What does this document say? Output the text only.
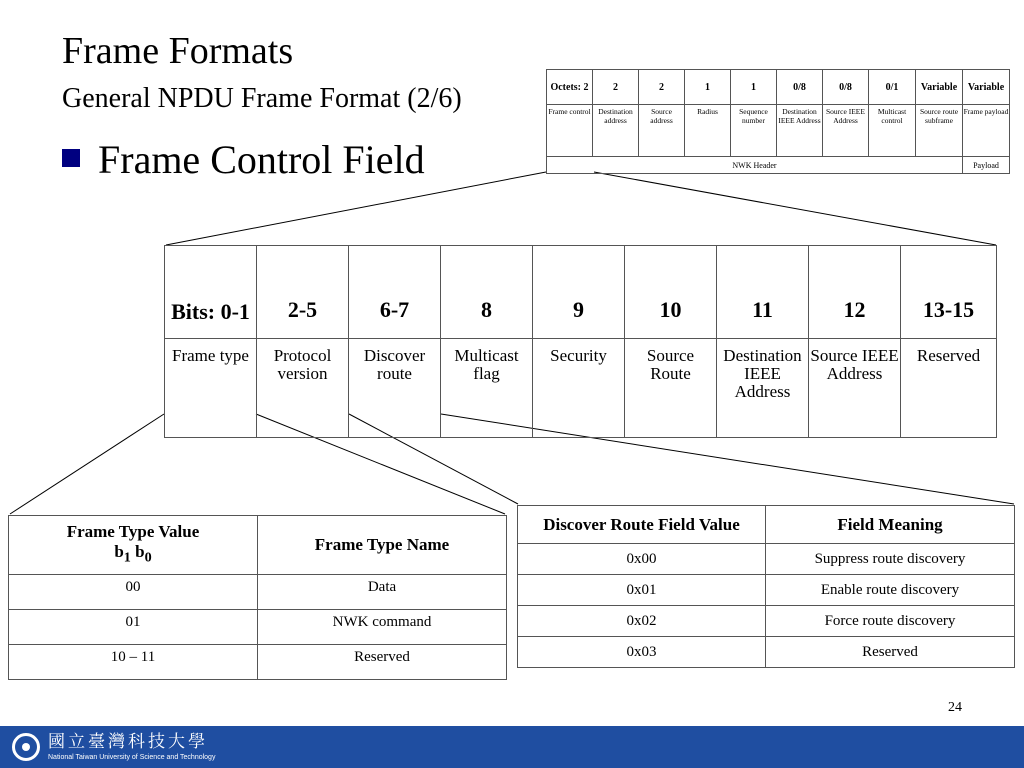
Frame Formats
General NPDU Frame Format (2/6)
Frame Control Field
Octets: 2	2	2	1	1	0/8	0/8	0/1	Variable	Variable
Frame control	Destination address	Source address	Radius	Sequence number	Destination IEEE Address	Source IEEE Address	Multicast control	Source route subframe	Frame payload
NWK Header									Payload
Bits: 0-1	2-5	6-7	8	9	10	11	12	13-15
Frame type	Protocol version	Discover route	Multicast flag	Security	Source Route	Destination IEEE Address	Source IEEE Address	Reserved
Frame Type Value
$b_1$ $b_0$	Frame Type Name
00	Data
01	NWK command
10 – 11	Reserved
Discover Route Field Value	Field Meaning
0x00	Suppress route discovery
0x01	Enable route discovery
0x02	Force route discovery
0x03	Reserved
24
國立臺灣科技大學
National Taiwan University of Science and Technology
